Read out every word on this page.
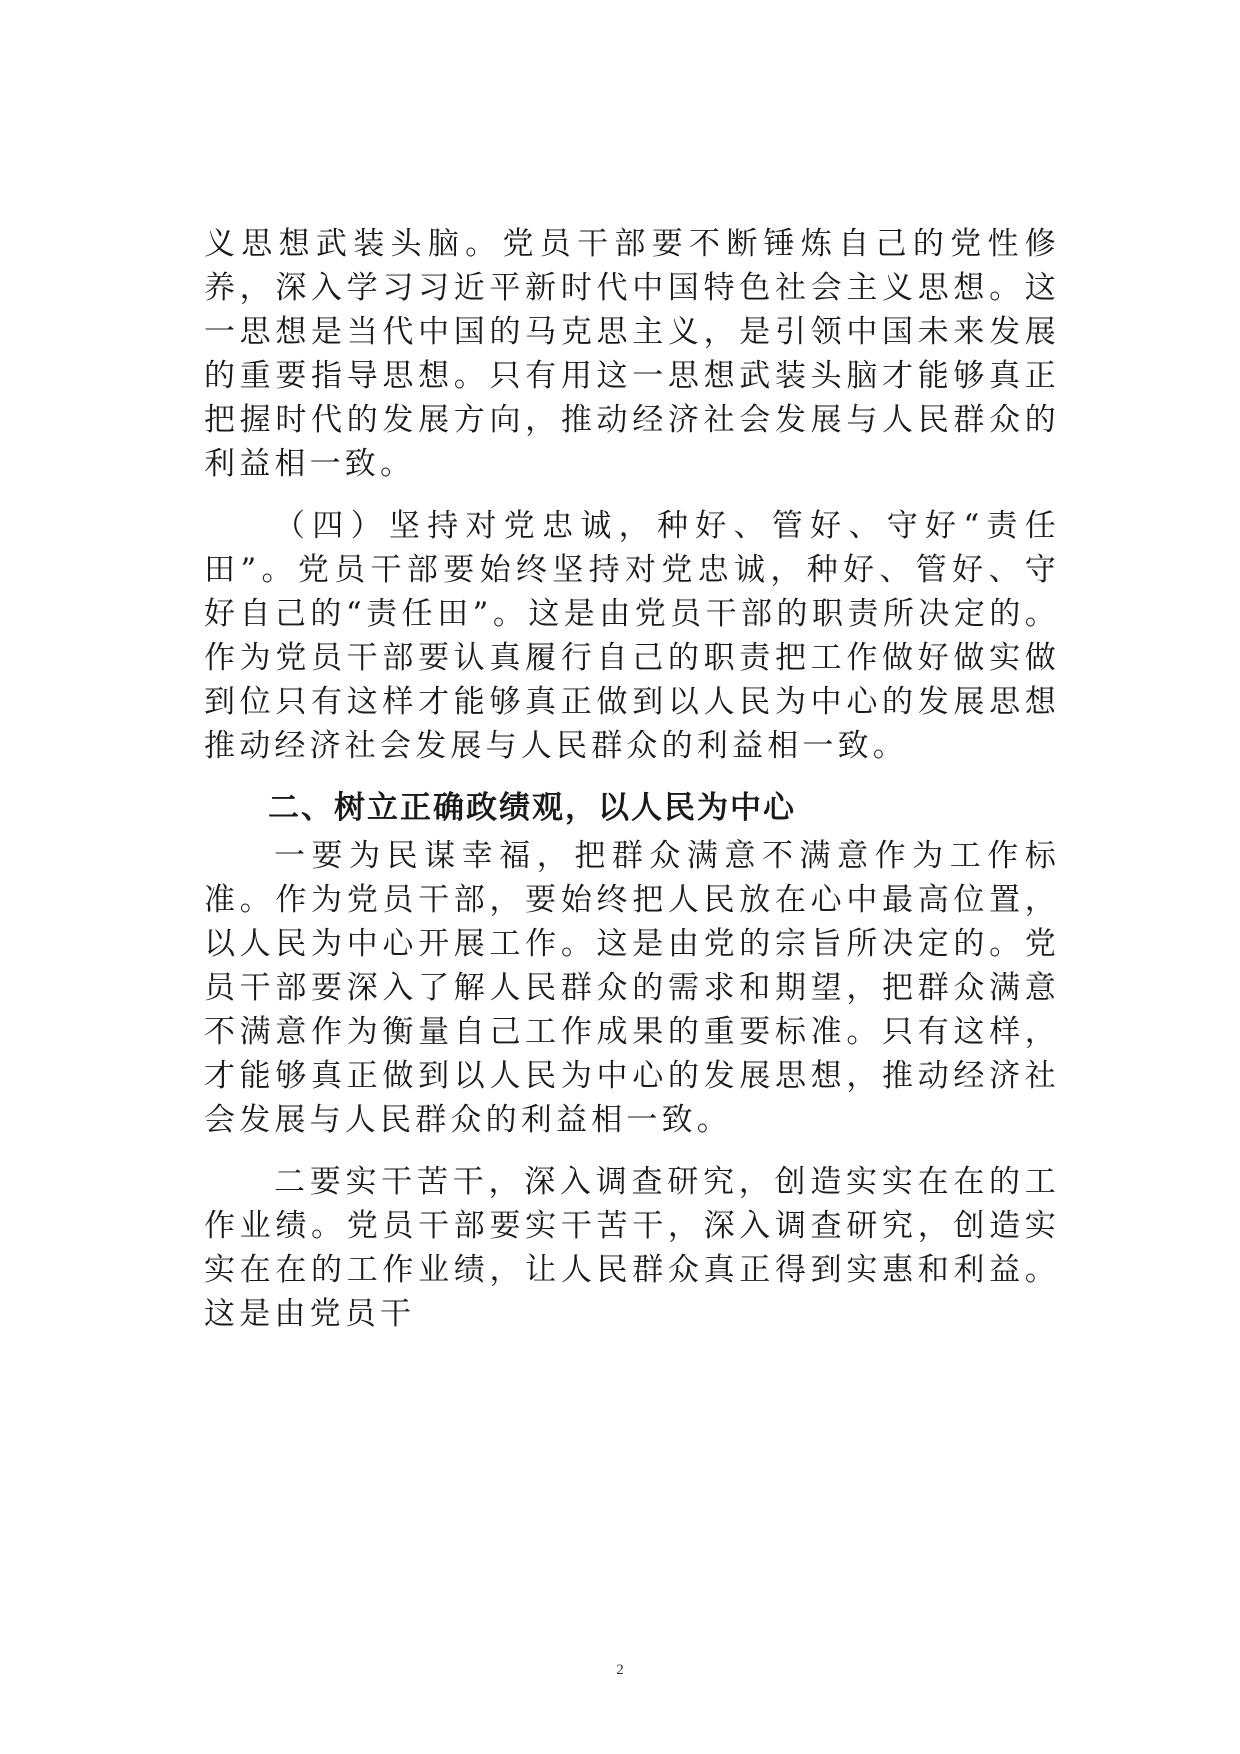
义思想武装头脑。党员干部要不断锤炼自己的党性修养，深入学习习近平新时代中国特色社会主义思想。这一思想是当代中国的马克思主义，是引领中国未来发展的重要指导思想。只有用这一思想武装头脑才能够真正把握时代的发展方向，推动经济社会发展与人民群众的利益相一致。

（四）坚持对党忠诚，种好、管好、守好“责任田”。党员干部要始终坚持对党忠诚，种好、管好、守好自己的“责任田”。这是由党员干部的职责所决定的。作为党员干部要认真履行自己的职责把工作做好做实做到位只有这样才能够真正做到以人民为中心的发展思想推动经济社会发展与人民群众的利益相一致。

二、树立正确政绩观，以人民为中心

一要为民谋幸福，把群众满意不满意作为工作标准。作为党员干部，要始终把人民放在心中最高位置，以人民为中心开展工作。这是由党的宗旨所决定的。党员干部要深入了解人民群众的需求和期望，把群众满意不满意作为衡量自己工作成果的重要标准。只有这样，才能够真正做到以人民为中心的发展思想，推动经济社会发展与人民群众的利益相一致。

二要实干苦干，深入调查研究，创造实实在在的工作业绩。党员干部要实干苦干，深入调查研究，创造实实在在的工作业绩，让人民群众真正得到实惠和利益。这是由党员干

2
